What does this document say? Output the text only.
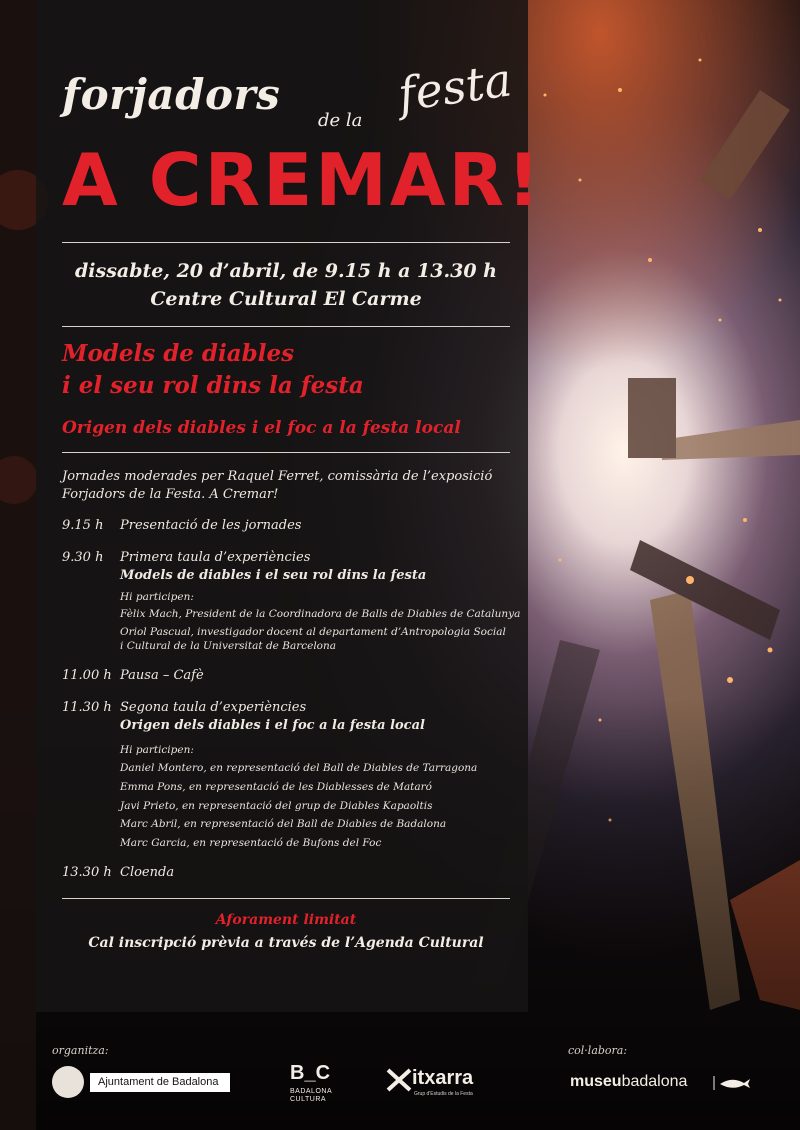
forjadors
de la festa
A CREMAR!
dissabte, 20 d’abril, de 9.15 h a 13.30 h
Centre Cultural El Carme
Models de diables
i el seu rol dins la festa
Origen dels diables i el foc a la festa local
Jornades moderades per Raquel Ferret, comissària de l’exposició
Forjadors de la Festa. A Cremar!
9.15 h	Presentació de les jornades
9.30 h	Primera taula d’experiències
Models de diables i el seu rol dins la festa
Hi participen:
Fèlix Mach, President de la Coordinadora de Balls de Diables de Catalunya
Oriol Pascual, investigador docent al departament d’Antropologia Social
i Cultural de la Universitat de Barcelona
11.00 h Pausa – Cafè
11.30 h Segona taula d’experiències
Origen dels diables i el foc a la festa local
Hi participen:
Daniel Montero, en representació del Ball de Diables de Tarragona
Emma Pons, en representació de les Diablesses de Mataró
Javi Prieto, en representació del grup de Diables Kapaoltis
Marc Abril, en representació del Ball de Diables de Badalona
Marc Garcia, en representació de Bufons del Foc
13.30 h Cloenda
Aforament limitat
Cal inscripció prèvia a través de l’Agenda Cultural
organitza:
Ajuntament de Badalona	B_C
BADALONA
CULTURA
itxarra
Grup d'Estudis de la Festa
col·labora:
museubadalona
